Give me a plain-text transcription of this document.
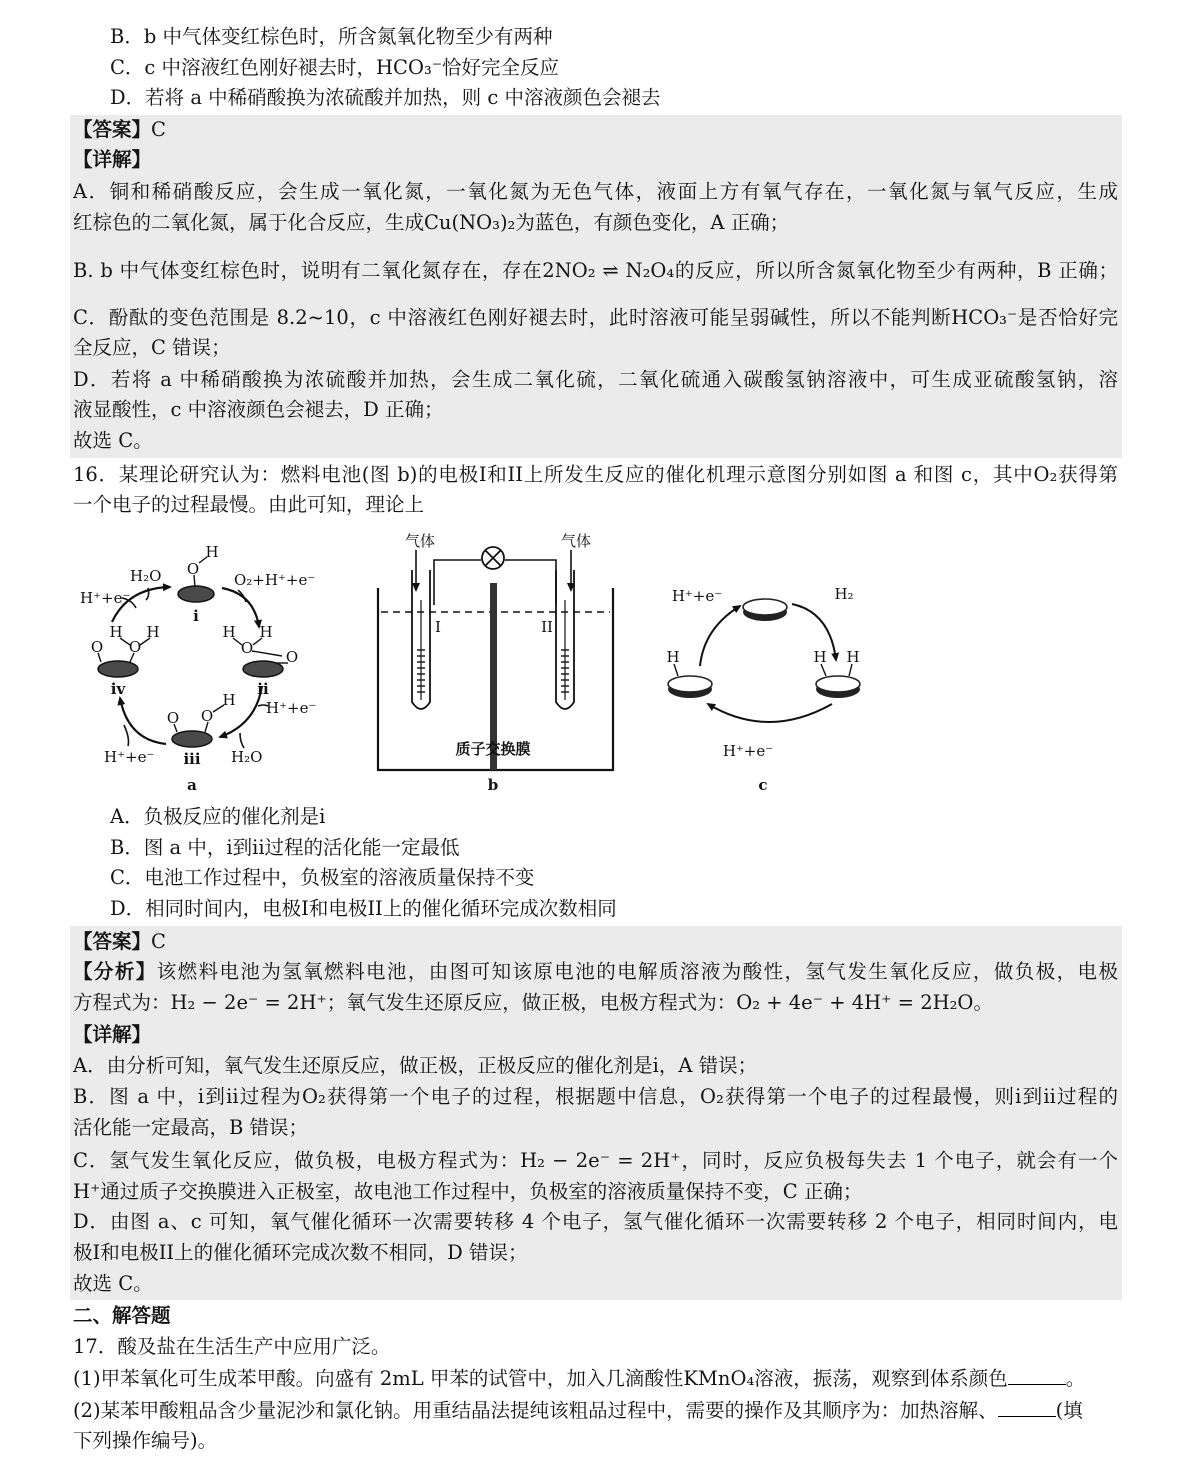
B．b 中气体变红棕色时，所含氮氧化物至少有两种
C．c 中溶液红色刚好褪去时，HCO₃⁻恰好完全反应
D．若将 a 中稀硝酸换为浓硫酸并加热，则 c 中溶液颜色会褪去
【答案】C
【详解】
A．铜和稀硝酸反应，会生成一氧化氮，一氧化氮为无色气体，液面上方有氧气存在，一氧化氮与氧气反应，生成
红棕色的二氧化氮，属于化合反应，生成Cu(NO₃)₂为蓝色，有颜色变化，A 正确；
B. b 中气体变红棕色时，说明有二氧化氮存在，存在2NO₂ ⇌ N₂O₄的反应，所以所含氮氧化物至少有两种，B 正确；
C．酚酞的变色范围是 8.2~10，c 中溶液红色刚好褪去时，此时溶液可能呈弱碱性，所以不能判断HCO₃⁻是否恰好完
全反应，C 错误；
D．若将 a 中稀硝酸换为浓硫酸并加热，会生成二氧化硫，二氧化硫通入碳酸氢钠溶液中，可生成亚硫酸氢钠，溶
液显酸性，c 中溶液颜色会褪去，D 正确；
故选 C。
16．某理论研究认为：燃料电池(图 b)的电极I和II上所发生反应的催化机理示意图分别如图 a 和图 c，其中O₂获得第
一个电子的过程最慢。由此可知，理论上
O
H
H H
O O
O
H H
O
O O
H
H⁺+e⁻
H₂O	O₂+H⁺+e⁻
H⁺+e⁻
H⁺+e⁻	H₂O
i
ii
iii
iv
a
气体	气体
I	II
质子交换膜
b
H	H H
H⁺+e⁻	H₂
H⁺+e⁻
c
A．负极反应的催化剂是i
B．图 a 中，i到ii过程的活化能一定最低
C．电池工作过程中，负极室的溶液质量保持不变
D．相同时间内，电极I和电极II上的催化循环完成次数相同
【答案】C
【分析】该燃料电池为氢氧燃料电池，由图可知该原电池的电解质溶液为酸性，氢气发生氧化反应，做负极，电极
方程式为：H₂ − 2e⁻ = 2H⁺；氧气发生还原反应，做正极，电极方程式为：O₂ + 4e⁻ + 4H⁺ = 2H₂O。
【详解】
A．由分析可知，氧气发生还原反应，做正极，正极反应的催化剂是i，A 错误；
B．图 a 中，i到ii过程为O₂获得第一个电子的过程，根据题中信息，O₂获得第一个电子的过程最慢，则i到ii过程的
活化能一定最高，B 错误；
C．氢气发生氧化反应，做负极，电极方程式为：H₂ − 2e⁻ = 2H⁺，同时，反应负极每失去 1 个电子，就会有一个
H⁺通过质子交换膜进入正极室，故电池工作过程中，负极室的溶液质量保持不变，C 正确；
D．由图 a、c 可知，氧气催化循环一次需要转移 4 个电子，氢气催化循环一次需要转移 2 个电子，相同时间内，电
极I和电极II上的催化循环完成次数不相同，D 错误；
故选 C。
二、解答题
17．酸及盐在生活生产中应用广泛。
(1)甲苯氧化可生成苯甲酸。向盛有 2mL 甲苯的试管中，加入几滴酸性KMnO₄溶液，振荡，观察到体系颜色	。
(2)某苯甲酸粗品含少量泥沙和氯化钠。用重结晶法提纯该粗品过程中，需要的操作及其顺序为：加热溶解、	(填
下列操作编号)。
